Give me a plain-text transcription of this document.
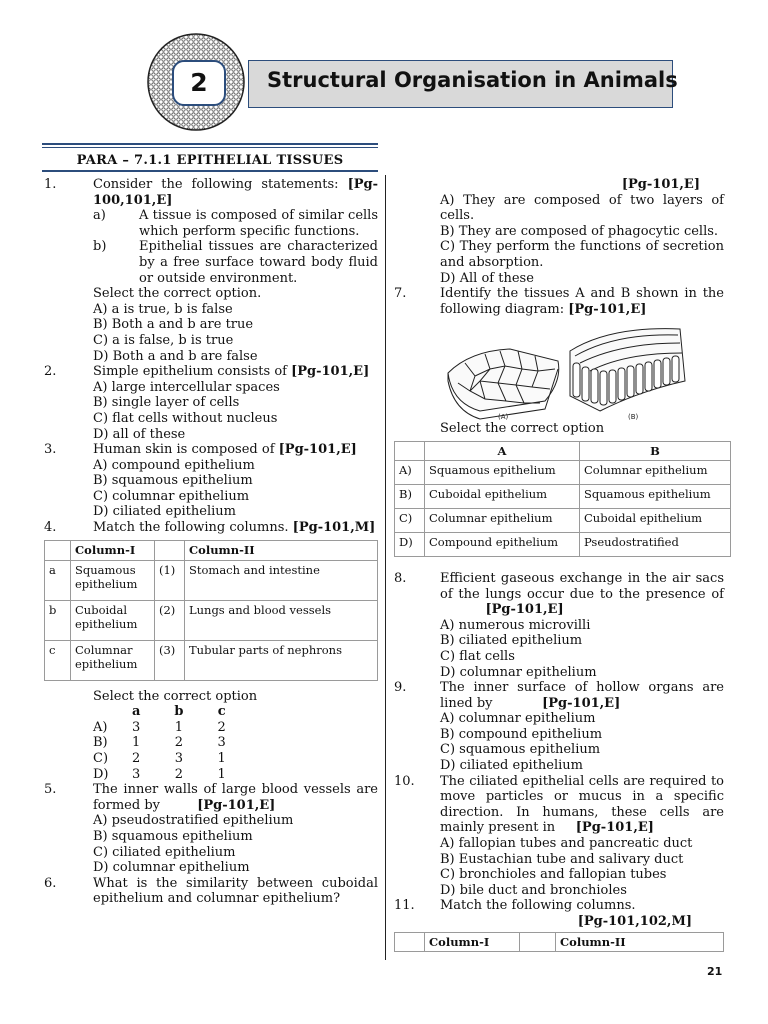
Structural Organisation in Animals
2
PARA – 7.1.1 EPITHELIAL TISSUES
1.	Consider the following statements: [Pg-100,101,E]
a)	A tissue is composed of similar cells which perform specific functions.
b)	Epithelial tissues are characterized by a free surface toward body fluid or outside environment.
Select the correct option.
A) a is true, b is false
B) Both a and b are true
C) a is false, b is true
D) Both a and b are false
2.	Simple epithelium consists of [Pg-101,E]
A) large intercellular spaces
B) single layer of cells
C) flat cells without nucleus
D) all of these
3.	Human skin is composed of [Pg-101,E]
A) compound epithelium
B) squamous epithelium
C) columnar epithelium
D) ciliated epithelium
4.	Match the following columns. [Pg-101,M]
	Column-I		Column-II
a	Squamous epithelium	(1)	Stomach and intestine
b	Cuboidal epithelium	(2)	Lungs and blood vessels
c	Columnar epithelium	(3)	Tubular parts of nephrons
Select the correct option
a	b	c
A)	3	1	2
B)	1	2	3
C)	2	3	1
D)	3	2	1
5.	The inner walls of large blood vessels are formed by	[Pg-101,E]
A) pseudostratified epithelium
B) squamous epithelium
C) ciliated epithelium
D) columnar epithelium
6.	What is the similarity between cuboidal epithelium and columnar epithelium?
[Pg-101,E]
A) They are composed of two layers of cells.
B) They are composed of phagocytic cells.
C) They perform the functions of secretion and absorption.
D) All of these
7.	Identify the tissues A and B shown in the following diagram: [Pg-101,E]
(A)	(B)
Select the correct option
	A	B
A)	Squamous epithelium	Columnar epithelium
B)	Cuboidal epithelium	Squamous epithelium
C)	Columnar epithelium	Cuboidal epithelium
D)	Compound epithelium	Pseudostratified
8.	Efficient gaseous exchange in the air sacs of the lungs occur due to the presence of            [Pg-101,E]
A) numerous microvilli
B) ciliated epithelium
C) flat cells
D) columnar epithelium
9.	The inner surface of hollow organs are lined by	[Pg-101,E]
A) columnar epithelium
B) compound epithelium
C) squamous epithelium
D) ciliated epithelium
10.	The ciliated epithelial cells are required to move particles or mucus in a specific direction. In humans, these cells are mainly present in [Pg-101,E]
A) fallopian tubes and pancreatic duct
B) Eustachian tube and salivary duct
C) bronchioles and fallopian tubes
D) bile duct and bronchioles
11.	Match the following columns.
[Pg-101,102,M]
	Column-I		Column-II
21
